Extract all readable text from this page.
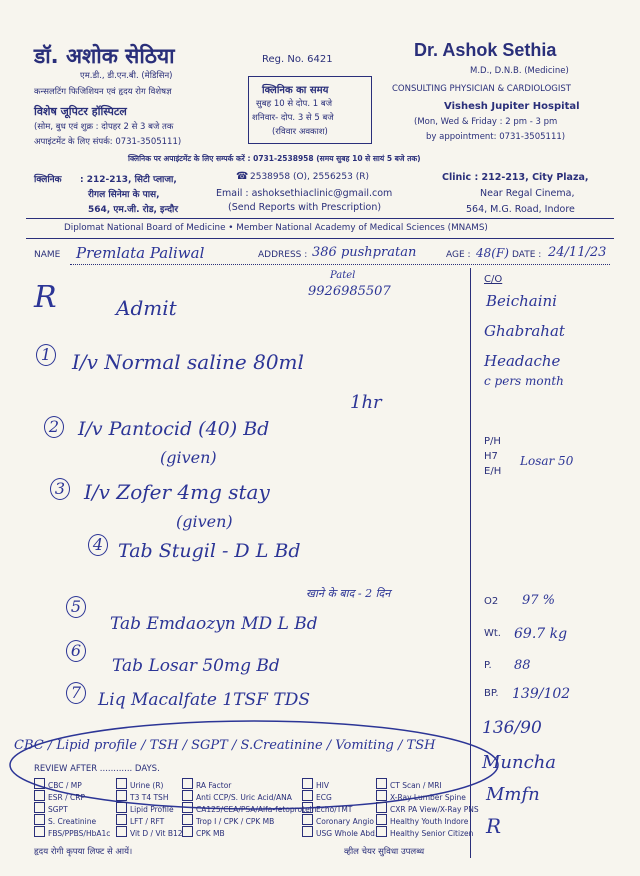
डॉ. अशोक सेठिया
एम.डी., डी.एन.बी. (मेडिसिन)
कन्सलटिंग फिजिशियन एवं हृदय रोग विशेषज्ञ
विशेष जूपिटर हॉस्पिटल
(सोम, बुध एवं शुक्र : दोपहर 2 से 3 बजे तक
अपाइंटमेंट के लिए संपर्क: 0731-3505111)
Reg. No. 6421
क्लिनिक का समय
सुबह 10 से दोप. 1 बजे
शनिवार- दोप. 3 से 5 बजे
(रविवार अवकाश)
Dr. Ashok Sethia
M.D., D.N.B. (Medicine)
CONSULTING PHYSICIAN & CARDIOLOGIST
Vishesh Jupiter Hospital
(Mon, Wed & Friday : 2 pm - 3 pm
by appointment: 0731-3505111)
क्लिनिक पर अपाइंटमेंट के लिए सम्पर्क करें : 0731-2538958 (समय सुबह 10 से सायं 5 बजे तक)
क्लिनिक : 212-213, सिटी प्लाजा,
रीगल सिनेमा के पास,
564, एम.जी. रोड, इन्दौर
☎ 2538958 (O), 2556253 (R)
Email : ashoksethiaclinic@gmail.com
(Send Reports with Prescription)
Clinic : 212-213, City Plaza,
Near Regal Cinema,
564, M.G. Road, Indore
Diplomat National Board of Medicine • Member National Academy of Medical Sciences (MNAMS)
NAME Premlata Paliwal	ADDRESS : 386 pushpratan	AGE : 48(F) DATE : 24/11/23
R
Patel
9926985507
Admit
1 I/v Normal saline 80ml
1hr
2 I/v Pantocid (40) Bd
(given)
3 I/v Zofer 4mg stay
(given)
4 Tab Stugil - D L Bd
खाने के बाद - 2 दिन
5
Tab Emdaozyn MD L Bd
6
Tab Losar 50mg Bd
7 Liq Macalfate 1TSF TDS
CBC / Lipid profile / TSH / SGPT / S.Creatinine / Vomiting / TSH
C/O
Beichaini
Ghabrahat
Headache
c pers month
P/H
H7 Losar 50
E/H
O2 97 %
Wt. 69.7 kg
P. 88
BP. 139/102
136/90
Muncha
Mmfn
R
REVIEW AFTER ............ DAYS.
CBC / MP
ESR / CRP
SGPT
S. Creatinine
FBS/PPBS/HbA1c
Urine (R)
T3 T4 TSH
Lipid Profile
LFT / RFT
Vit D / Vit B12
RA Factor
Anti CCP/S. Uric Acid/ANA
CA125/CEA/PSA/Alfa-fetoprotein
Trop I / CPK / CPK MB
CPK MB
HIV
ECG
Echo/TMT
Coronary Angio
USG Whole Abd.
CT Scan / MRI
X-Ray Lumber Spine
CXR PA View/X-Ray PNS
Healthy Youth Indore
Healthy Senior Citizen
हृदय रोगी कृपया लिफ्ट से आयें।	व्हील चेयर सुविधा उपलब्ध
